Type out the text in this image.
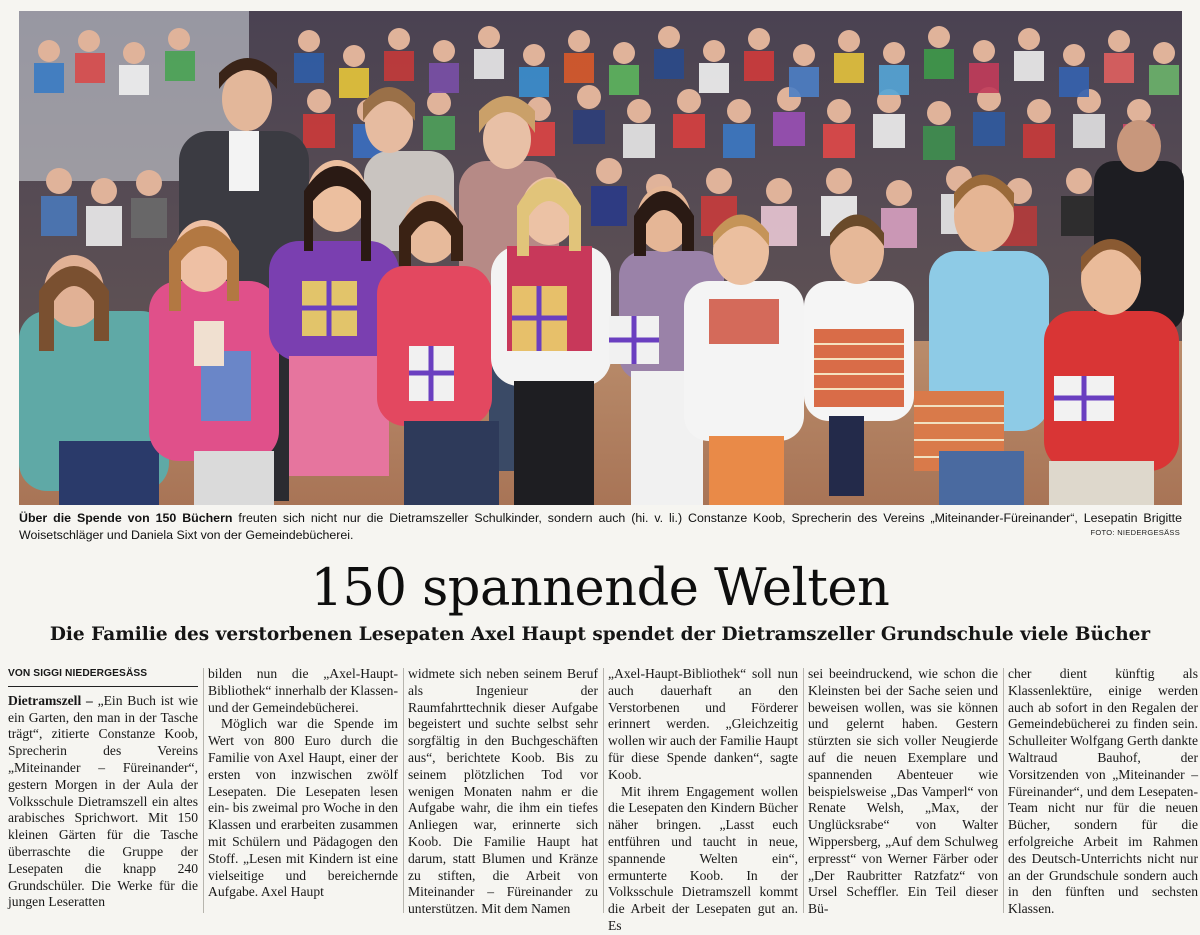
Über die Spende von 150 Büchern freuten sich nicht nur die Dietramszeller Schulkinder, sondern auch (hi. v. li.) Constanze Koob, Sprecherin des Vereins „Miteinander-Füreinander“, Lesepatin Brigitte Woisetschläger und Daniela Sixt von der Gemeindebücherei.	FOTO: NIEDERGESÄSS
150 spannende Welten
Die Familie des verstorbenen Lesepaten Axel Haupt spendet der Dietramszeller Grundschule viele Bücher
VON SIGGI NIEDERGESÄSS

Dietramszell – „Ein Buch ist wie ein Garten, den man in der Tasche trägt“, zitierte Constanze Koob, Sprecherin des Vereins „Miteinander – Füreinander“, gestern Morgen in der Aula der Volksschule Dietramszell ein altes arabisches Sprichwort. Mit 150 kleinen Gärten für die Tasche überraschte die Gruppe der Lesepaten die knapp 240 Grundschüler. Die Werke für die jungen Leseratten

bilden nun die „Axel-Haupt-Bibliothek“ innerhalb der Klassen- und der Gemeindebücherei.

Möglich war die Spende im Wert von 800 Euro durch die Familie von Axel Haupt, einer der ersten von inzwischen zwölf Lesepaten. Die Lesepaten lesen ein- bis zweimal pro Woche in den Klassen und erarbeiten zusammen mit Schülern und Pädagogen den Stoff. „Lesen mit Kindern ist eine vielseitige und bereichernde Aufgabe. Axel Haupt

widmete sich neben seinem Beruf als Ingenieur der Raumfahrttechnik dieser Aufgabe begeistert und suchte selbst sehr sorgfältig in den Buchgeschäften aus“, berichtete Koob. Bis zu seinem plötzlichen Tod vor wenigen Monaten nahm er die Aufgabe wahr, die ihm ein tiefes Anliegen war, erinnerte sich Koob. Die Familie Haupt hat darum, statt Blumen und Kränze zu stiften, die Arbeit von Miteinander – Füreinander zu unterstützen. Mit dem Namen

„Axel-Haupt-Bibliothek“ soll nun auch dauerhaft an den Verstorbenen und Förderer erinnert werden. „Gleichzeitig wollen wir auch der Familie Haupt für diese Spende danken“, sagte Koob.

Mit ihrem Engagement wollen die Lesepaten den Kindern Bücher näher bringen. „Lasst euch entführen und taucht in neue, spannende Welten ein“, ermunterte Koob. In der Volksschule Dietramszell kommt die Arbeit der Lesepaten gut an. Es

sei beeindruckend, wie schon die Kleinsten bei der Sache seien und beweisen wollen, was sie können und gelernt haben. Gestern stürzten sie sich voller Neugierde auf die neuen Exemplare und spannenden Abenteuer wie beispielsweise „Das Vamperl“ von Renate Welsh, „Max, der Unglücksrabe“ von Walter Wippersberg, „Auf dem Schulweg erpresst“ von Werner Färber oder „Der Raubritter Ratzfatz“ von Ursel Scheffler. Ein Teil dieser Bü-

cher dient künftig als Klassenlektüre, einige werden auch ab sofort in den Regalen der Gemeindebücherei zu finden sein. Schulleiter Wolfgang Gerth dankte Waltraud Bauhof, der Vorsitzenden von „Miteinander – Füreinander“, und dem Lesepaten-Team nicht nur für die neuen Bücher, sondern für die erfolgreiche Arbeit im Rahmen des Deutsch-Unterrichts nicht nur an der Grundschule sondern auch in den fünften und sechsten Klassen.
